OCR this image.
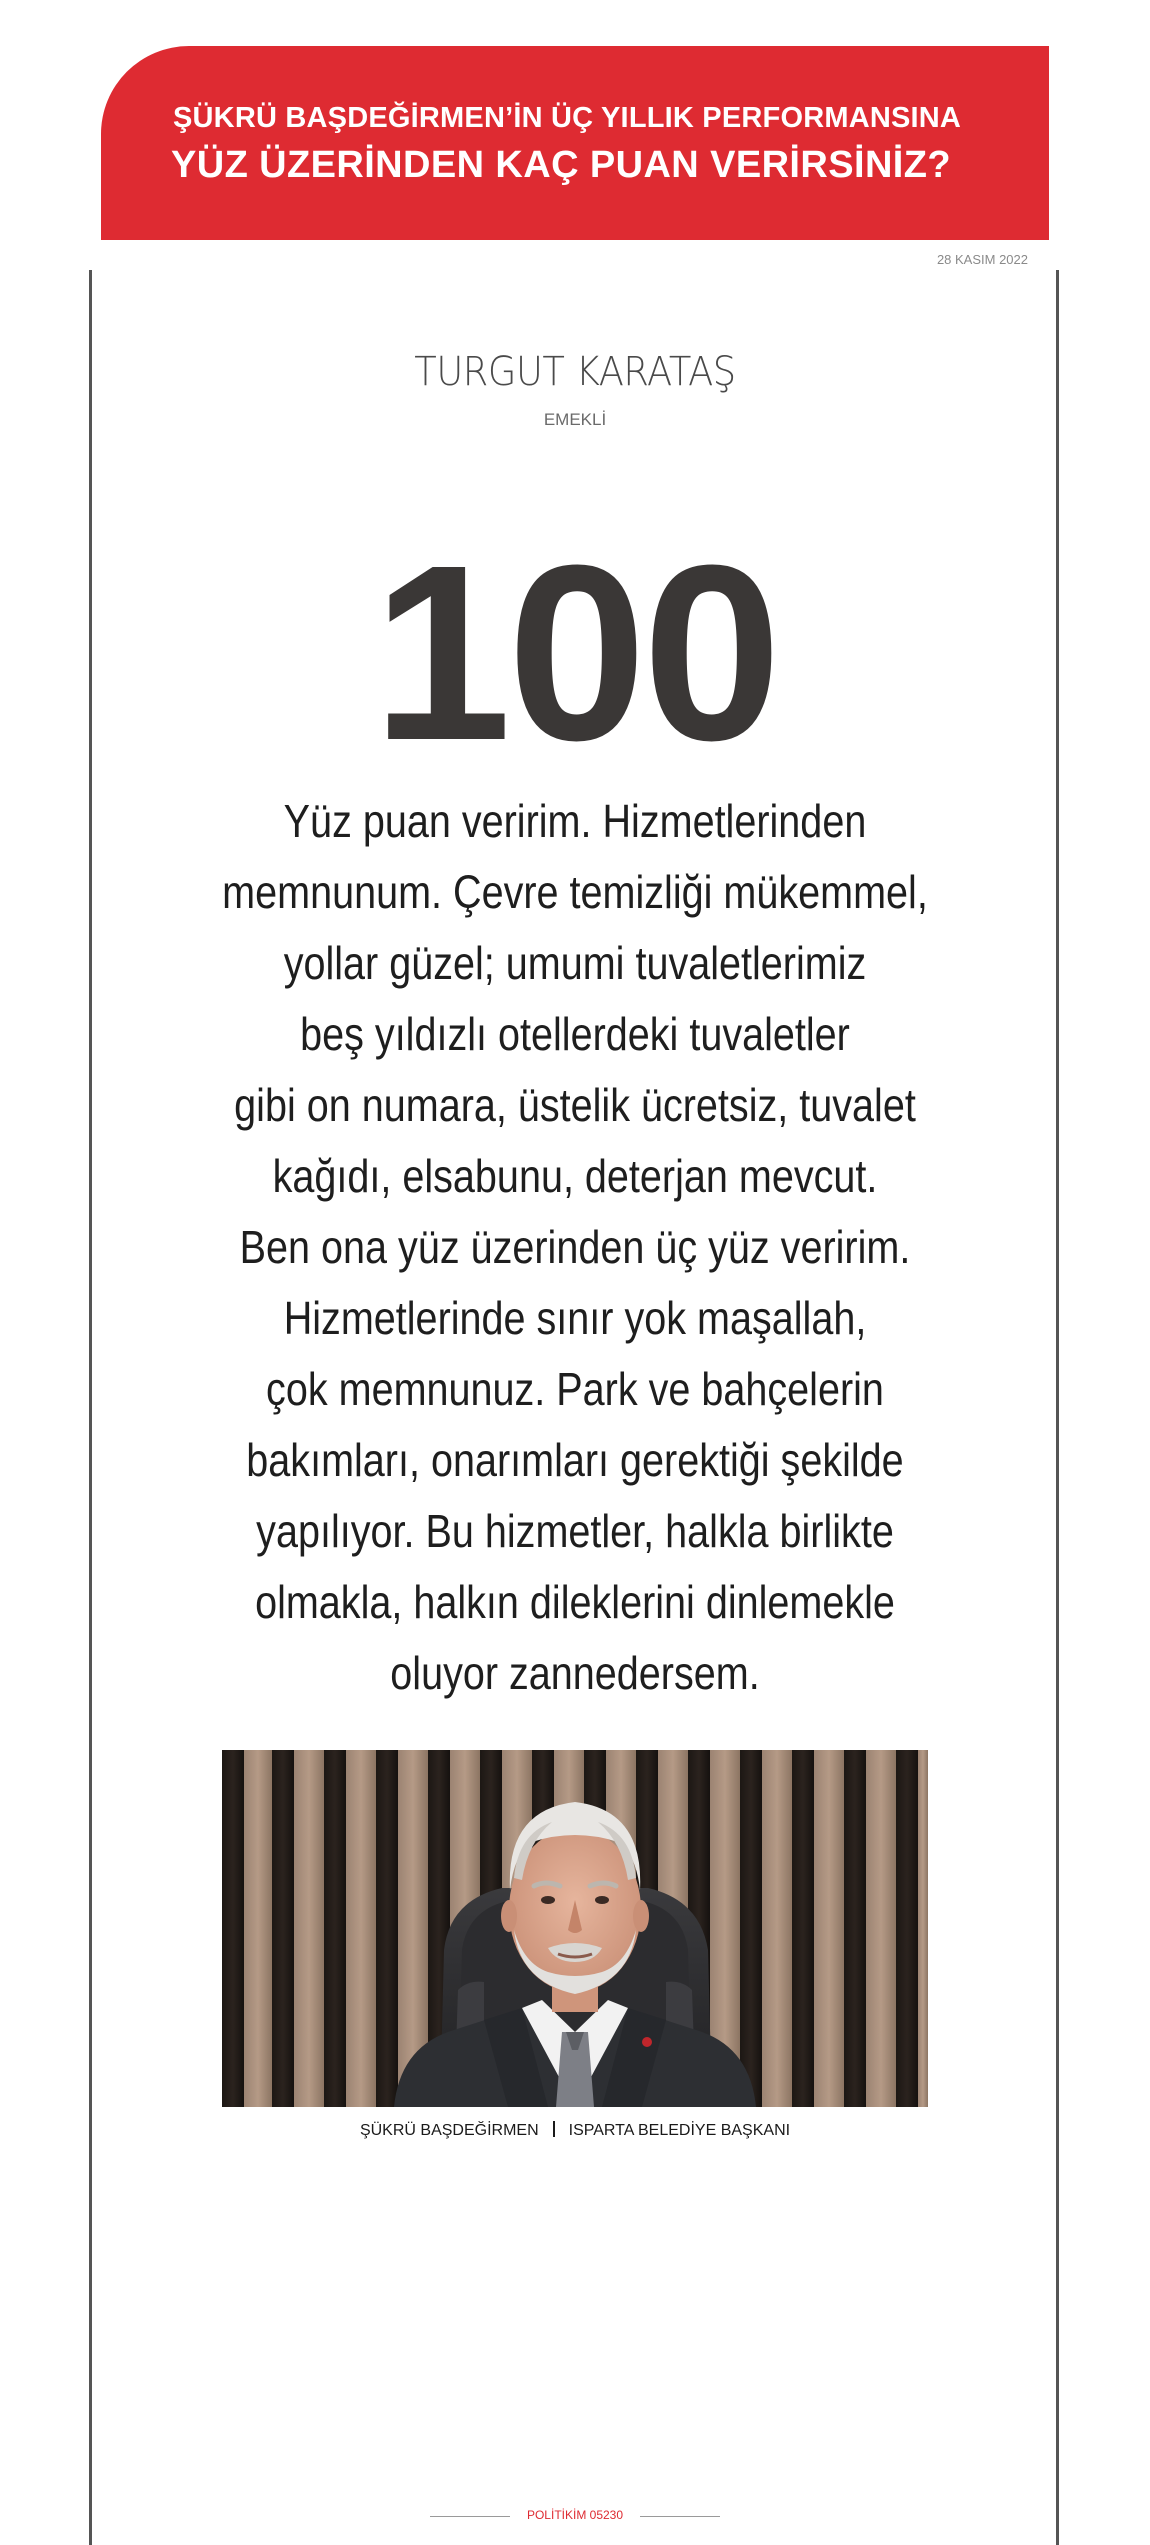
ŞÜKRÜ BAŞDEĞİRMEN’İN ÜÇ YILLIK PERFORMANSINA
YÜZ ÜZERİNDEN KAÇ PUAN VERİRSİNİZ?
28 KASIM 2022
TURGUT KARATAŞ
EMEKLİ
100
Yüz puan veririm. Hizmetlerinden
memnunum. Çevre temizliği mükemmel,
yollar güzel; umumi tuvaletlerimiz
beş yıldızlı otellerdeki tuvaletler
gibi on numara, üstelik ücretsiz, tuvalet
kağıdı, elsabunu, deterjan mevcut.
Ben ona yüz üzerinden üç yüz veririm.
Hizmetlerinde sınır yok maşallah,
çok memnunuz. Park ve bahçelerin
bakımları, onarımları gerektiği şekilde
yapılıyor. Bu hizmetler, halkla birlikte
olmakla, halkın dileklerini dinlemekle
oluyor zannedersem.
ŞÜKRÜ BAŞDEĞİRMEN ISPARTA BELEDİYE BAŞKANI
POLİTİKİM 05230
